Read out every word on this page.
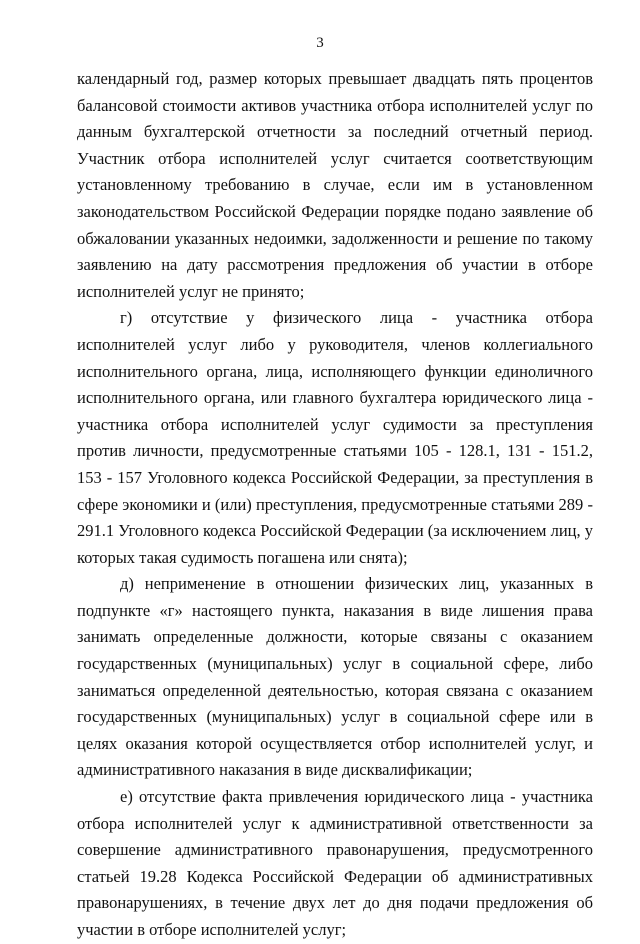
3

календарный год, размер которых превышает двадцать пять процентов балансовой стоимости активов участника отбора исполнителей услуг по данным бухгалтерской отчетности за последний отчетный период. Участник отбора исполнителей услуг считается соответствующим установленному требованию в случае, если им в установленном законодательством Российской Федерации порядке подано заявление об обжаловании указанных недоимки, задолженности и решение по такому заявлению на дату рассмотрения предложения об участии в отборе исполнителей услуг не принято;

г) отсутствие у физического лица - участника отбора исполнителей услуг либо у руководителя, членов коллегиального исполнительного органа, лица, исполняющего функции единоличного исполнительного органа, или главного бухгалтера юридического лица - участника отбора исполнителей услуг судимости за преступления против личности, предусмотренные статьями 105 - 128.1, 131 - 151.2, 153 - 157 Уголовного кодекса Российской Федерации, за преступления в сфере экономики и (или) преступления, предусмотренные статьями 289 - 291.1 Уголовного кодекса Российской Федерации (за исключением лиц, у которых такая судимость погашена или снята);

д) неприменение в отношении физических лиц, указанных в подпункте «г» настоящего пункта, наказания в виде лишения права занимать определенные должности, которые связаны с оказанием государственных (муниципальных) услуг в социальной сфере, либо заниматься определенной деятельностью, которая связана с оказанием государственных (муниципальных) услуг в социальной сфере или в целях оказания которой осуществляется отбор исполнителей услуг, и административного наказания в виде дисквалификации;

е) отсутствие факта привлечения юридического лица - участника отбора исполнителей услуг к административной ответственности за совершение административного правонарушения, предусмотренного статьей 19.28 Кодекса Российской Федерации об административных правонарушениях, в течение двух лет до дня подачи предложения об участии в отборе исполнителей услуг;
